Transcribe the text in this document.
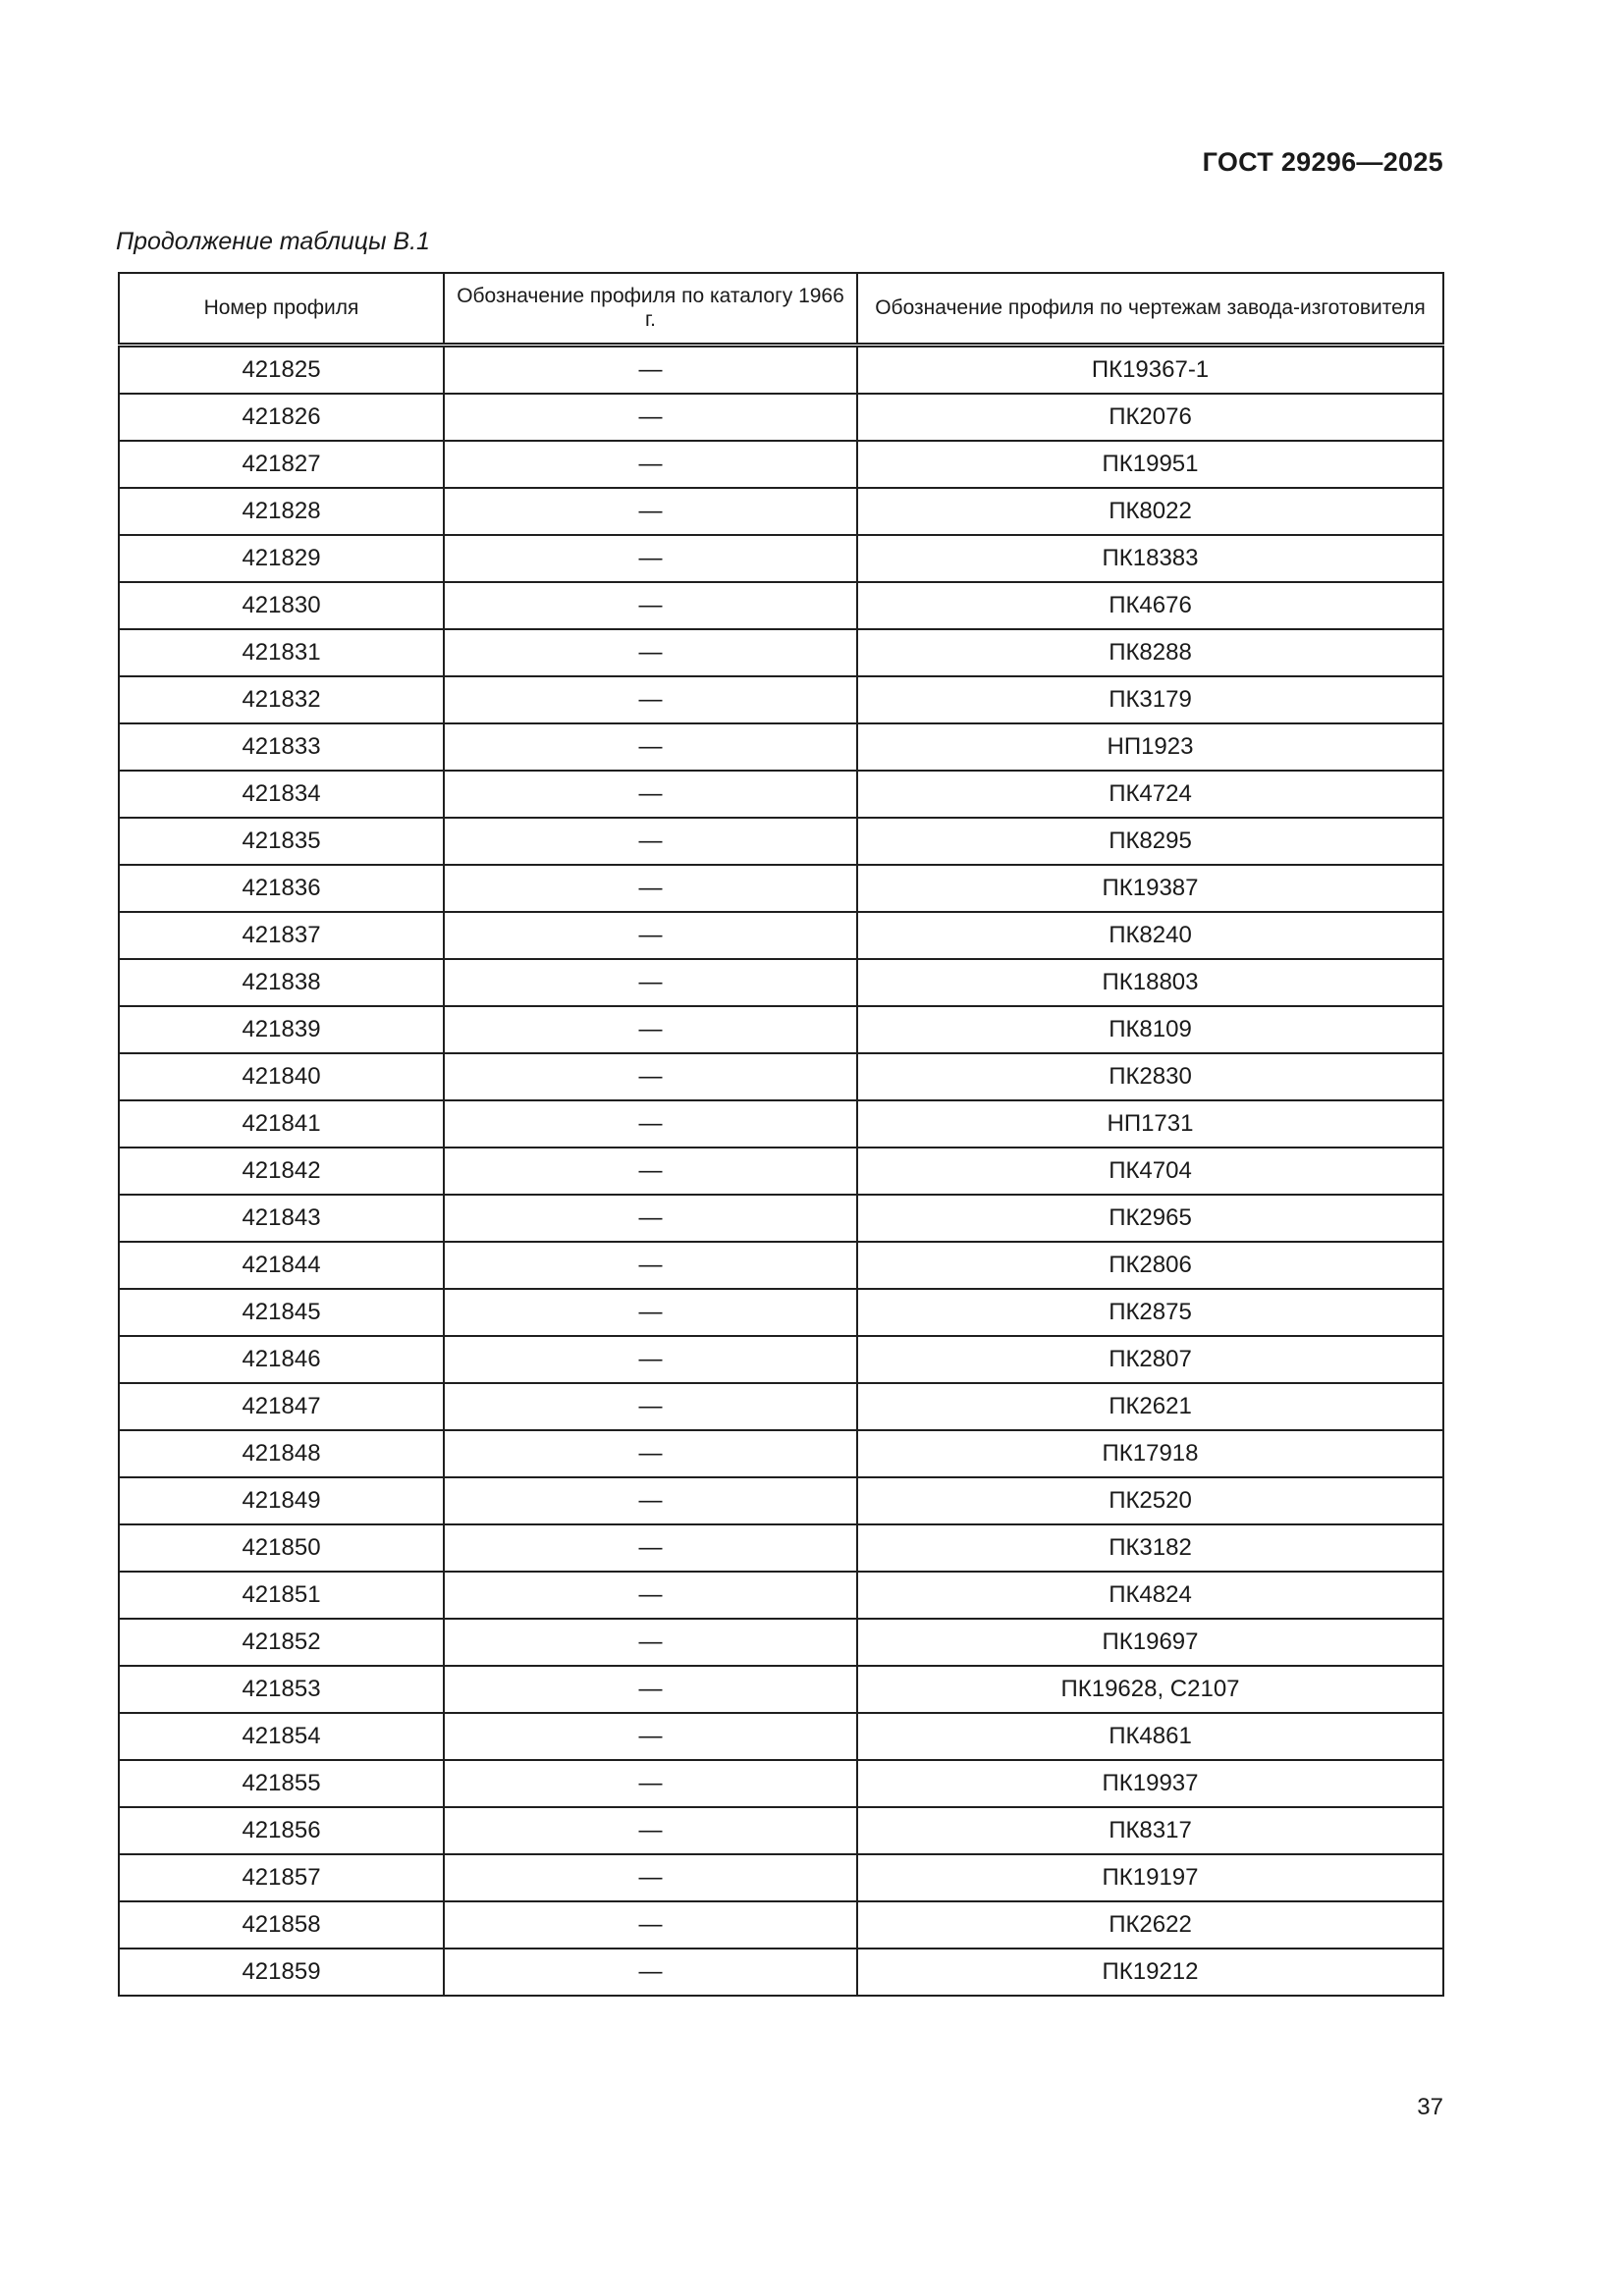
ГОСТ 29296—2025
Продолжение таблицы В.1
Номер профиля	Обозначение профиля по каталогу 1966 г.	Обозначение профиля по чертежам завода-изготовителя
421825	—	ПК19367-1
421826	—	ПК2076
421827	—	ПК19951
421828	—	ПК8022
421829	—	ПК18383
421830	—	ПК4676
421831	—	ПК8288
421832	—	ПК3179
421833	—	НП1923
421834	—	ПК4724
421835	—	ПК8295
421836	—	ПК19387
421837	—	ПК8240
421838	—	ПК18803
421839	—	ПК8109
421840	—	ПК2830
421841	—	НП1731
421842	—	ПК4704
421843	—	ПК2965
421844	—	ПК2806
421845	—	ПК2875
421846	—	ПК2807
421847	—	ПК2621
421848	—	ПК17918
421849	—	ПК2520
421850	—	ПК3182
421851	—	ПК4824
421852	—	ПК19697
421853	—	ПК19628, С2107
421854	—	ПК4861
421855	—	ПК19937
421856	—	ПК8317
421857	—	ПК19197
421858	—	ПК2622
421859	—	ПК19212
37
